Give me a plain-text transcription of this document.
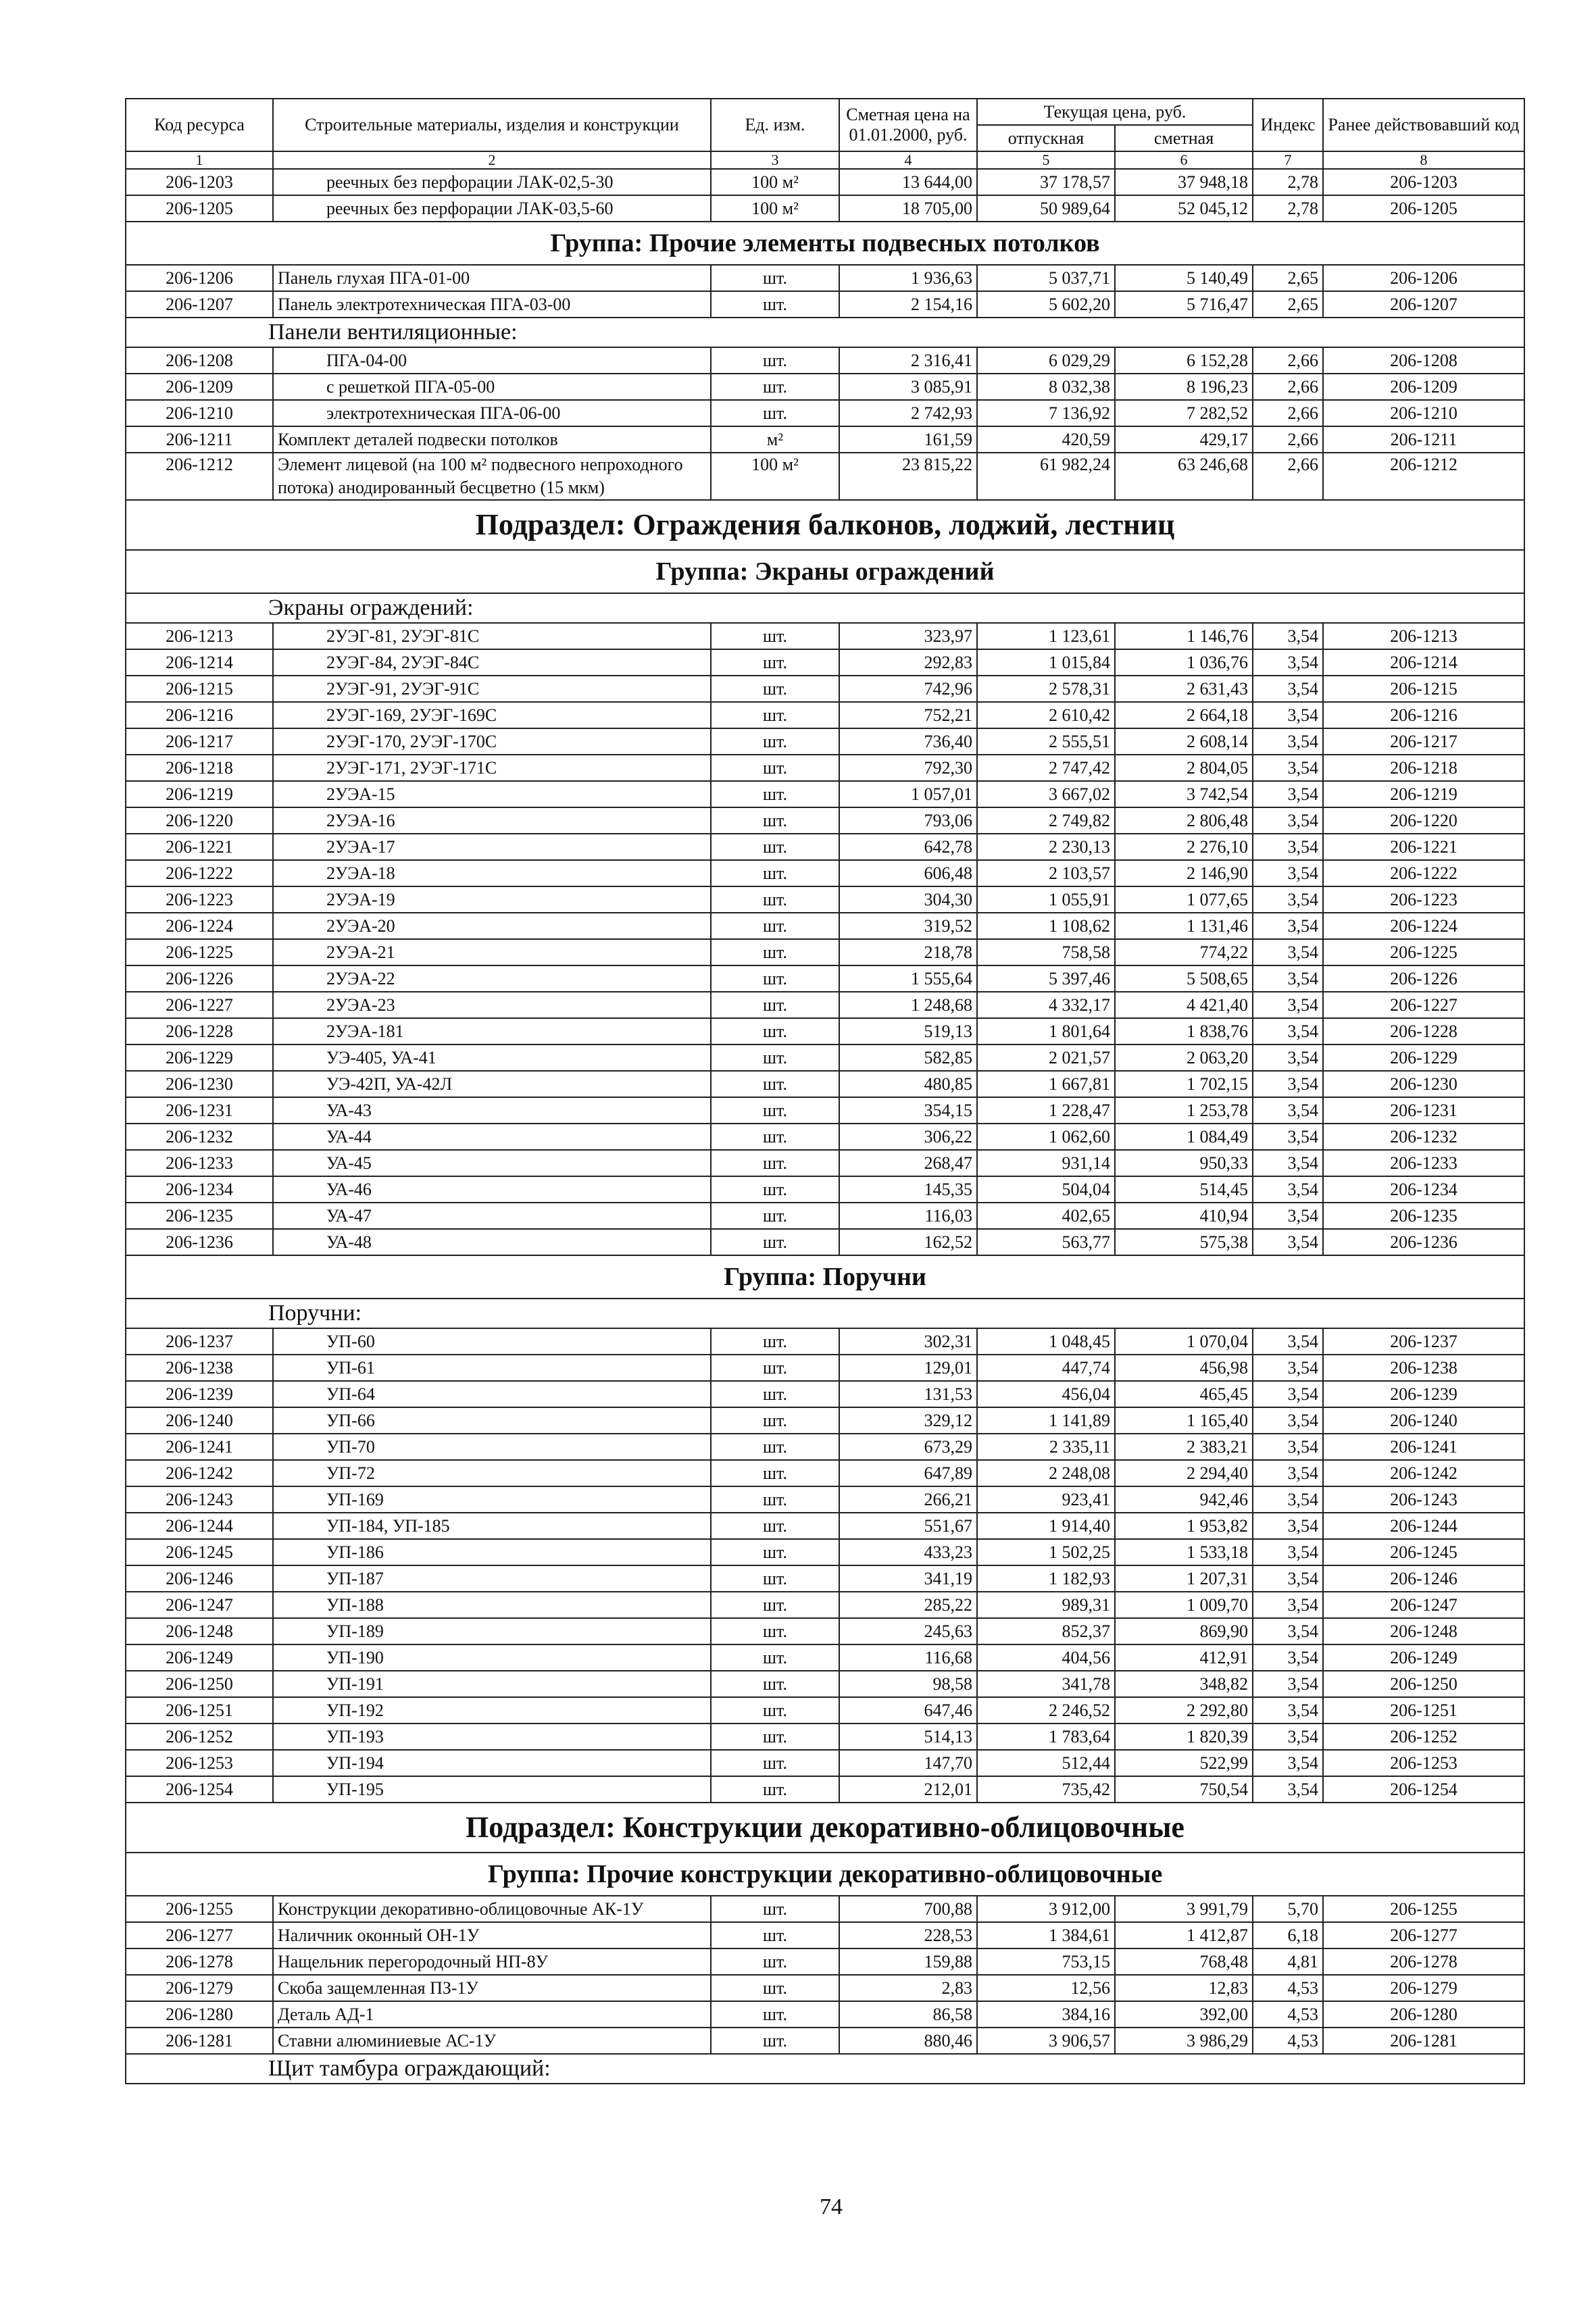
Код ресурса	Строительные материалы, изделия и конструкции	Ед. изм.	Сметная цена на 01.01.2000, руб.	Текущая цена, руб.		Индекс	Ранее действовавший код
				отпускная	сметная		
1	2	3	4	5	6	7	8
206-1203	реечных без перфорации ЛАК-02,5-30	100 м²	13 644,00	37 178,57	37 948,18	2,78	206-1203
206-1205	реечных без перфорации ЛАК-03,5-60	100 м²	18 705,00	50 989,64	52 045,12	2,78	206-1205
Группа: Прочие элементы подвесных потолков							
206-1206	Панель глухая ПГА-01-00	шт.	1 936,63	5 037,71	5 140,49	2,65	206-1206
206-1207	Панель электротехническая ПГА-03-00	шт.	2 154,16	5 602,20	5 716,47	2,65	206-1207
Панели вентиляционные:							
206-1208	ПГА-04-00	шт.	2 316,41	6 029,29	6 152,28	2,66	206-1208
206-1209	с решеткой ПГА-05-00	шт.	3 085,91	8 032,38	8 196,23	2,66	206-1209
206-1210	электротехническая ПГА-06-00	шт.	2 742,93	7 136,92	7 282,52	2,66	206-1210
206-1211	Комплект деталей подвески потолков	м²	161,59	420,59	429,17	2,66	206-1211
206-1212	Элемент лицевой (на 100 м² подвесного непроходного потока) анодированный бесцветно (15 мкм)	100 м²	23 815,22	61 982,24	63 246,68	2,66	206-1212
Подраздел: Ограждения балконов, лоджий, лестниц							
Группа: Экраны ограждений							
Экраны ограждений:							
206-1213	2УЭГ-81, 2УЭГ-81С	шт.	323,97	1 123,61	1 146,76	3,54	206-1213
206-1214	2УЭГ-84, 2УЭГ-84С	шт.	292,83	1 015,84	1 036,76	3,54	206-1214
206-1215	2УЭГ-91, 2УЭГ-91С	шт.	742,96	2 578,31	2 631,43	3,54	206-1215
206-1216	2УЭГ-169, 2УЭГ-169С	шт.	752,21	2 610,42	2 664,18	3,54	206-1216
206-1217	2УЭГ-170, 2УЭГ-170С	шт.	736,40	2 555,51	2 608,14	3,54	206-1217
206-1218	2УЭГ-171, 2УЭГ-171С	шт.	792,30	2 747,42	2 804,05	3,54	206-1218
206-1219	2УЭА-15	шт.	1 057,01	3 667,02	3 742,54	3,54	206-1219
206-1220	2УЭА-16	шт.	793,06	2 749,82	2 806,48	3,54	206-1220
206-1221	2УЭА-17	шт.	642,78	2 230,13	2 276,10	3,54	206-1221
206-1222	2УЭА-18	шт.	606,48	2 103,57	2 146,90	3,54	206-1222
206-1223	2УЭА-19	шт.	304,30	1 055,91	1 077,65	3,54	206-1223
206-1224	2УЭА-20	шт.	319,52	1 108,62	1 131,46	3,54	206-1224
206-1225	2УЭА-21	шт.	218,78	758,58	774,22	3,54	206-1225
206-1226	2УЭА-22	шт.	1 555,64	5 397,46	5 508,65	3,54	206-1226
206-1227	2УЭА-23	шт.	1 248,68	4 332,17	4 421,40	3,54	206-1227
206-1228	2УЭА-181	шт.	519,13	1 801,64	1 838,76	3,54	206-1228
206-1229	УЭ-405, УА-41	шт.	582,85	2 021,57	2 063,20	3,54	206-1229
206-1230	УЭ-42П, УА-42Л	шт.	480,85	1 667,81	1 702,15	3,54	206-1230
206-1231	УА-43	шт.	354,15	1 228,47	1 253,78	3,54	206-1231
206-1232	УА-44	шт.	306,22	1 062,60	1 084,49	3,54	206-1232
206-1233	УА-45	шт.	268,47	931,14	950,33	3,54	206-1233
206-1234	УА-46	шт.	145,35	504,04	514,45	3,54	206-1234
206-1235	УА-47	шт.	116,03	402,65	410,94	3,54	206-1235
206-1236	УА-48	шт.	162,52	563,77	575,38	3,54	206-1236
Группа: Поручни							
Поручни:							
206-1237	УП-60	шт.	302,31	1 048,45	1 070,04	3,54	206-1237
206-1238	УП-61	шт.	129,01	447,74	456,98	3,54	206-1238
206-1239	УП-64	шт.	131,53	456,04	465,45	3,54	206-1239
206-1240	УП-66	шт.	329,12	1 141,89	1 165,40	3,54	206-1240
206-1241	УП-70	шт.	673,29	2 335,11	2 383,21	3,54	206-1241
206-1242	УП-72	шт.	647,89	2 248,08	2 294,40	3,54	206-1242
206-1243	УП-169	шт.	266,21	923,41	942,46	3,54	206-1243
206-1244	УП-184, УП-185	шт.	551,67	1 914,40	1 953,82	3,54	206-1244
206-1245	УП-186	шт.	433,23	1 502,25	1 533,18	3,54	206-1245
206-1246	УП-187	шт.	341,19	1 182,93	1 207,31	3,54	206-1246
206-1247	УП-188	шт.	285,22	989,31	1 009,70	3,54	206-1247
206-1248	УП-189	шт.	245,63	852,37	869,90	3,54	206-1248
206-1249	УП-190	шт.	116,68	404,56	412,91	3,54	206-1249
206-1250	УП-191	шт.	98,58	341,78	348,82	3,54	206-1250
206-1251	УП-192	шт.	647,46	2 246,52	2 292,80	3,54	206-1251
206-1252	УП-193	шт.	514,13	1 783,64	1 820,39	3,54	206-1252
206-1253	УП-194	шт.	147,70	512,44	522,99	3,54	206-1253
206-1254	УП-195	шт.	212,01	735,42	750,54	3,54	206-1254
Подраздел: Конструкции декоративно-облицовочные							
Группа: Прочие конструкции декоративно-облицовочные							
206-1255	Конструкции декоративно-облицовочные АК-1У	шт.	700,88	3 912,00	3 991,79	5,70	206-1255
206-1277	Наличник оконный ОН-1У	шт.	228,53	1 384,61	1 412,87	6,18	206-1277
206-1278	Нащельник перегородочный НП-8У	шт.	159,88	753,15	768,48	4,81	206-1278
206-1279	Скоба защемленная ПЗ-1У	шт.	2,83	12,56	12,83	4,53	206-1279
206-1280	Деталь АД-1	шт.	86,58	384,16	392,00	4,53	206-1280
206-1281	Ставни алюминиевые АС-1У	шт.	880,46	3 906,57	3 986,29	4,53	206-1281
Щит тамбура ограждающий:							
74
